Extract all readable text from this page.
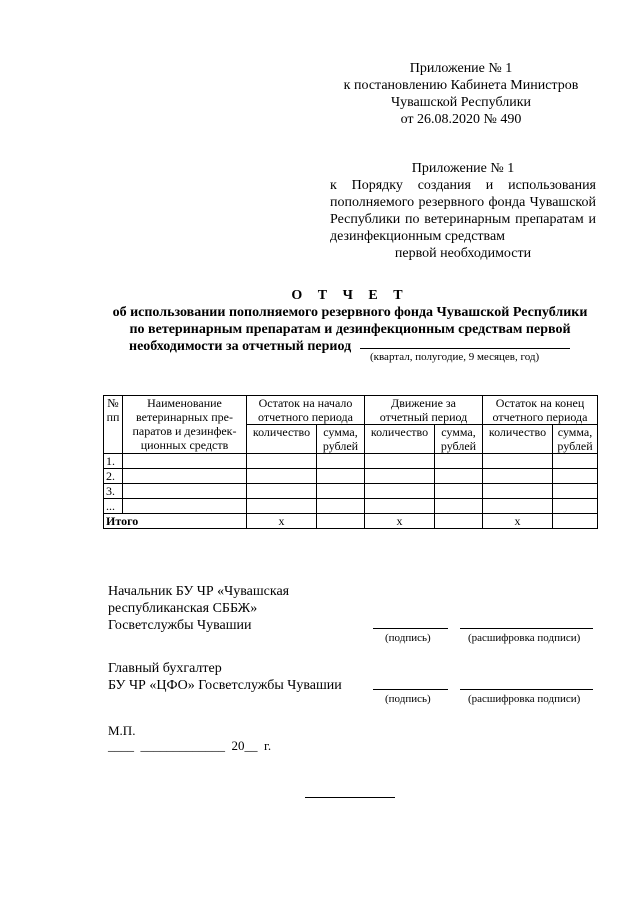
Приложение № 1
к постановлению Кабинета Министров
Чувашской Республики
от 26.08.2020 № 490
Приложение № 1
к Порядку создания и использования пополняемого резервного фонда Чувашской Республики по ветеринарным препаратам и дезинфекционным средствам
первой необходимости
О Т Ч Е Т
об использовании пополняемого резервного фонда Чувашской Республики
по ветеринарным препаратам и дезинфекционным средствам первой
необходимости за отчетный период
(квартал, полугодие, 9 месяцев, год)
№ пп	Наименование ветеринарных пре-паратов и дезинфек-ционных средств	Остаток на начало отчетного периода		Движение за отчетный период		Остаток на конец отчетного периода	
		количество	сумма, рублей	количество	сумма, рублей	количество	сумма, рублей

1.							
2.							
3.							
...							
Итого		х		х		х	
Начальник БУ ЧР «Чувашская
республиканская СББЖ»
Госветслужбы Чувашии
(подпись)	(расшифровка подписи)
Главный бухгалтер
БУ ЧР «ЦФО» Госветслужбы Чувашии
(подпись)	(расшифровка подписи)
М.П.
____  _____________  20__  г.
